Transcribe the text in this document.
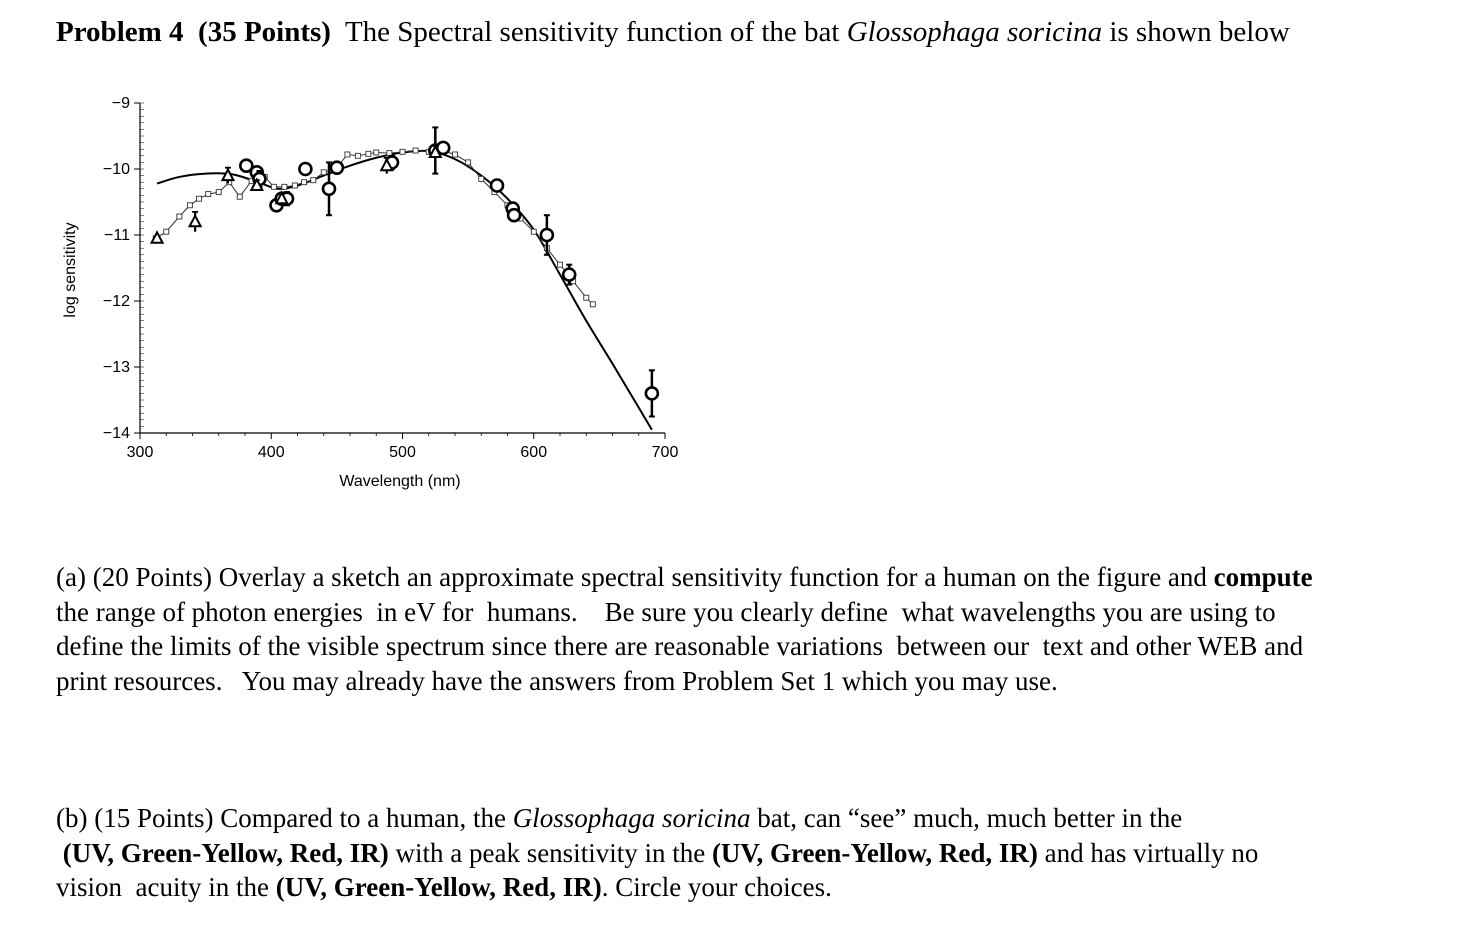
Problem 4 (35 Points) The Spectral sensitivity function of the bat Glossophaga soricina is shown below
300	400	500	600	700
−9
−10
−11
−12
−13
−14
Wavelength (nm)
log sensitivity
(a) (20 Points) Overlay a sketch an approximate spectral sensitivity function for a human on the figure and compute
the range of photon energies  in eV for  humans.    Be sure you clearly define  what wavelengths you are using to
define the limits of the visible spectrum since there are reasonable variations  between our  text and other WEB and
print resources.   You may already have the answers from Problem Set 1 which you may use.
(b) (15 Points) Compared to a human, the Glossophaga soricina bat, can “see” much, much better in the
(UV, Green-Yellow, Red, IR) with a peak sensitivity in the (UV, Green-Yellow, Red, IR) and has virtually no
vision  acuity in the (UV, Green-Yellow, Red, IR). Circle your choices.
